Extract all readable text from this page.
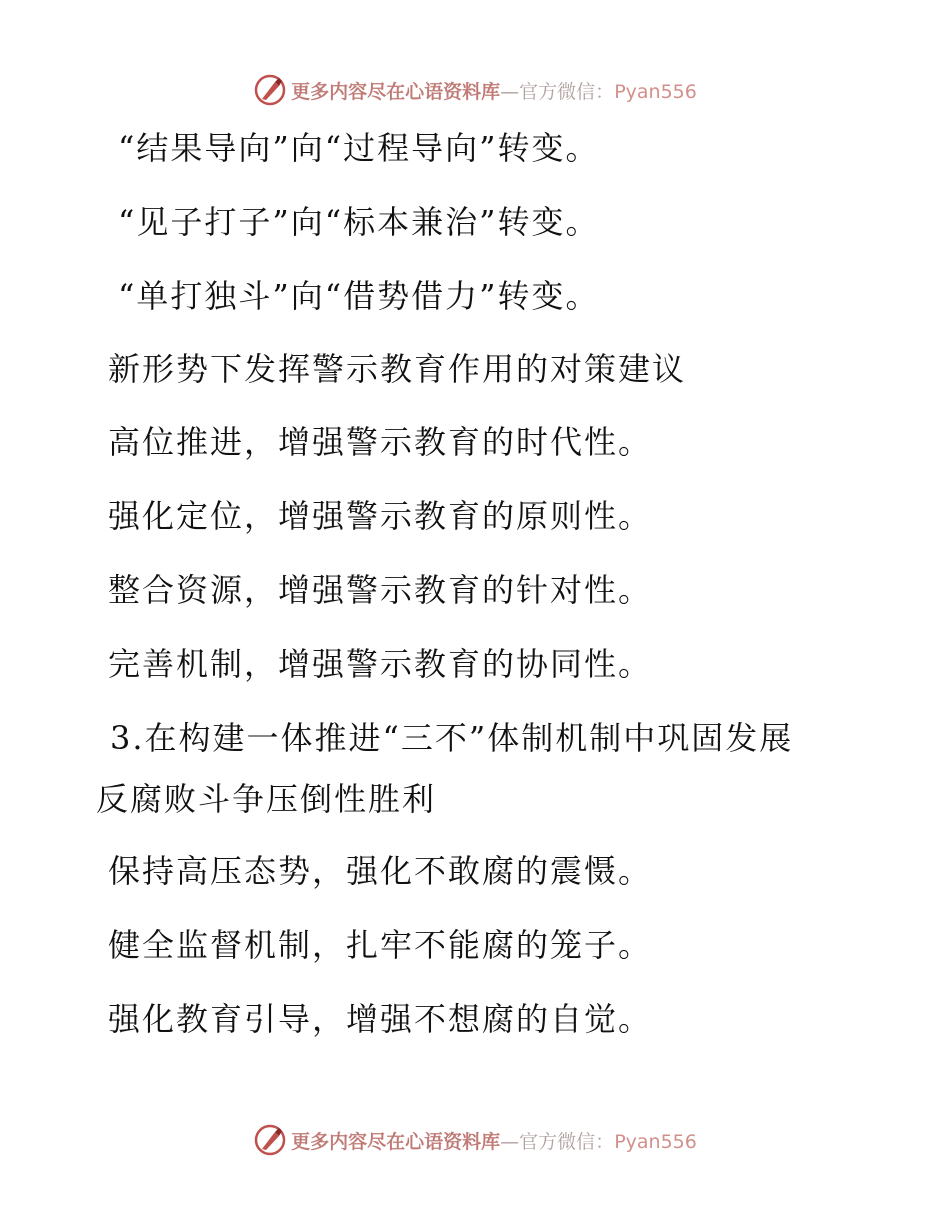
更多内容尽在心语资料库—官方微信：Pyan556
“结果导向”向“过程导向”转变。
“见子打子”向“标本兼治”转变。
“单打独斗”向“借势借力”转变。
新形势下发挥警示教育作用的对策建议
高位推进，增强警示教育的时代性。
强化定位，增强警示教育的原则性。
整合资源，增强警示教育的针对性。
完善机制，增强警示教育的协同性。
3.在构建一体推进“三不”体制机制中巩固发展
反腐败斗争压倒性胜利
保持高压态势，强化不敢腐的震慑。
健全监督机制，扎牢不能腐的笼子。
强化教育引导，增强不想腐的自觉。
更多内容尽在心语资料库—官方微信：Pyan556
